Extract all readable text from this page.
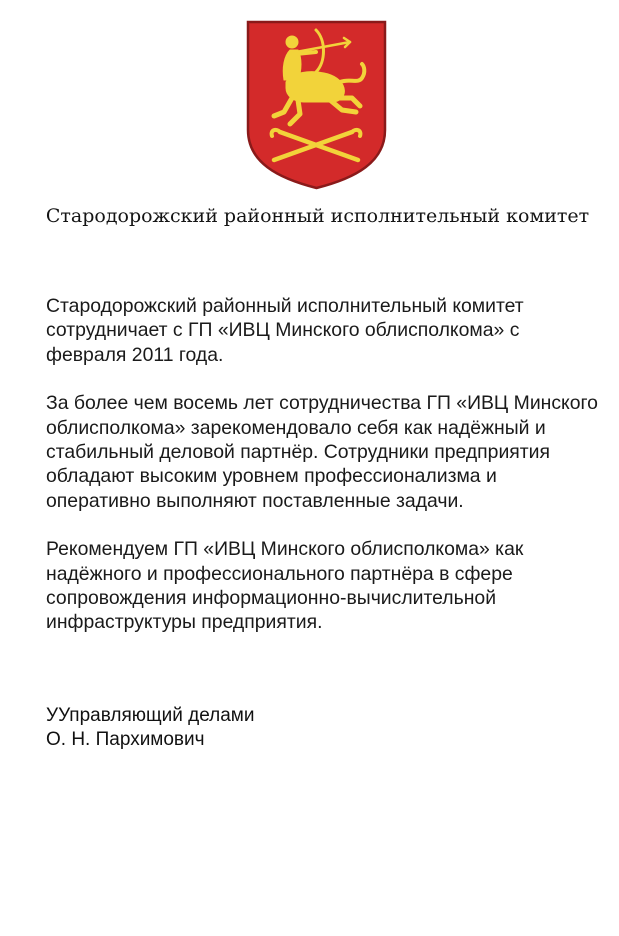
Стародорожский районный исполнительный комитет

Стародорожский районный исполнительный комитет сотрудничает с ГП «ИВЦ Минского облисполкома» с февраля 2011 года.

За более чем восемь лет сотрудничества ГП «ИВЦ Минского облисполкома» зарекомендовало себя как надёжный и стабильный деловой партнёр. Сотрудники предприятия обладают высоким уровнем профессионализма и оперативно выполняют поставленные задачи.

Рекомендуем ГП «ИВЦ Минского облисполкома» как надёжного и профессионального партнёра в сфере сопровождения информационно-вычислительной инфраструктуры предприятия.

УУправляющий делами
О. Н. Пархимович
